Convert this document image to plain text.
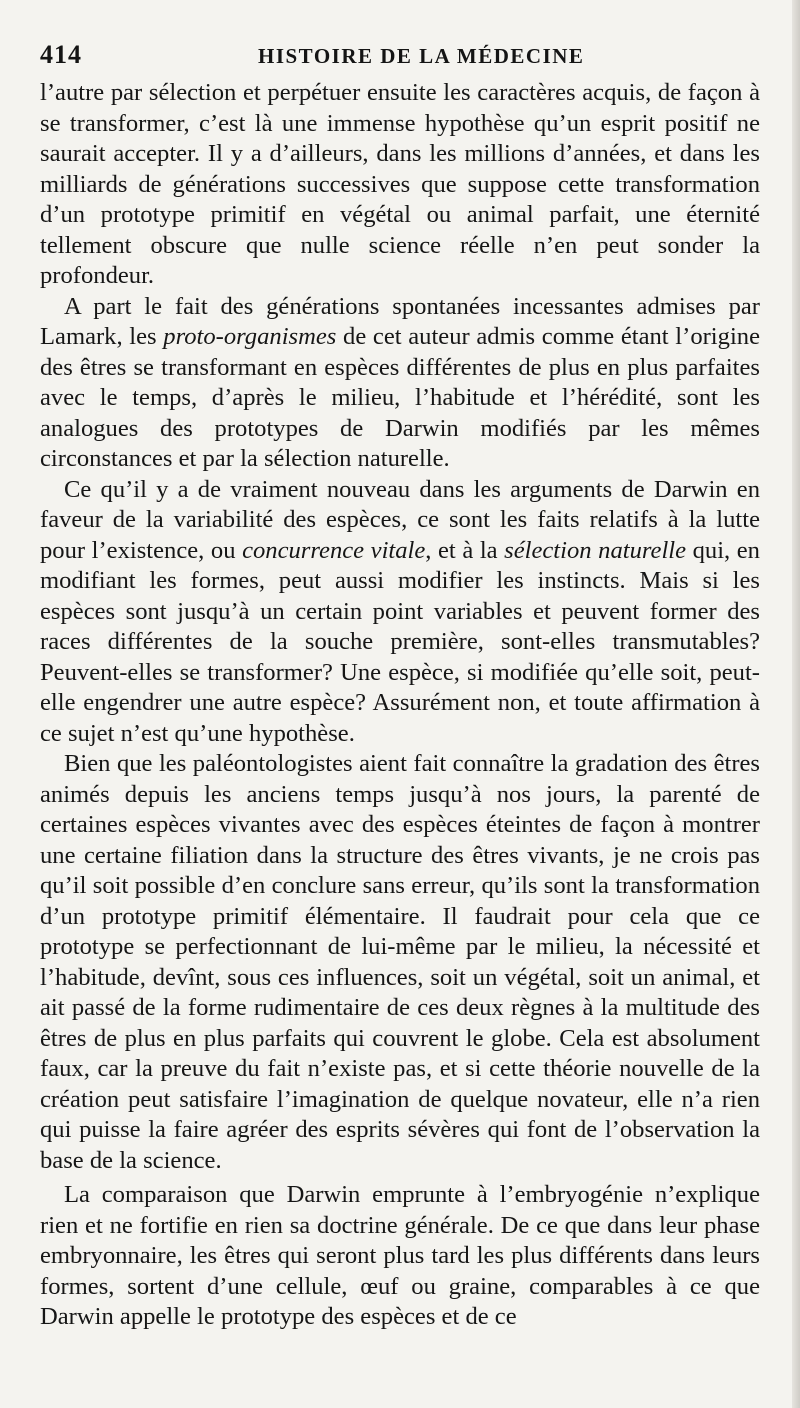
414	HISTOIRE DE LA MÉDECINE

l’autre par sélection et perpétuer ensuite les caractères acquis, de façon à se transformer, c’est là une immense hypothèse qu’un esprit positif ne saurait accepter. Il y a d’ailleurs, dans les millions d’années, et dans les milliards de générations successives que suppose cette transformation d’un prototype primitif en végétal ou animal parfait, une éternité tellement obscure que nulle science réelle n’en peut sonder la profondeur.

A part le fait des générations spontanées incessantes admises par Lamark, les proto-organismes de cet auteur admis comme étant l’origine des êtres se transformant en espèces différentes de plus en plus parfaites avec le temps, d’après le milieu, l’habitude et l’hérédité, sont les analogues des prototypes de Darwin modifiés par les mêmes circonstances et par la sélection naturelle.

Ce qu’il y a de vraiment nouveau dans les arguments de Darwin en faveur de la variabilité des espèces, ce sont les faits relatifs à la lutte pour l’existence, ou concurrence vitale, et à la sélection naturelle qui, en modifiant les formes, peut aussi modifier les instincts. Mais si les espèces sont jusqu’à un certain point variables et peuvent former des races différentes de la souche première, sont-elles transmutables? Peuvent-elles se transformer? Une espèce, si modifiée qu’elle soit, peut-elle engendrer une autre espèce? Assurément non, et toute affirmation à ce sujet n’est qu’une hypothèse.

Bien que les paléontologistes aient fait connaître la gradation des êtres animés depuis les anciens temps jusqu’à nos jours, la parenté de certaines espèces vivantes avec des espèces éteintes de façon à montrer une certaine filiation dans la structure des êtres vivants, je ne crois pas qu’il soit possible d’en conclure sans erreur, qu’ils sont la transformation d’un prototype primitif élémentaire. Il faudrait pour cela que ce prototype se perfectionnant de lui-même par le milieu, la nécessité et l’habitude, devînt, sous ces influences, soit un végétal, soit un animal, et ait passé de la forme rudimentaire de ces deux règnes à la multitude des êtres de plus en plus parfaits qui couvrent le globe. Cela est absolument faux, car la preuve du fait n’existe pas, et si cette théorie nouvelle de la création peut satisfaire l’imagination de quelque novateur, elle n’a rien qui puisse la faire agréer des esprits sévères qui font de l’observation la base de la science.

La comparaison que Darwin emprunte à l’embryogénie n’explique rien et ne fortifie en rien sa doctrine générale. De ce que dans leur phase embryonnaire, les êtres qui seront plus tard les plus différents dans leurs formes, sortent d’une cellule, œuf ou graine, comparables à ce que Darwin appelle le prototype des espèces et de ce
